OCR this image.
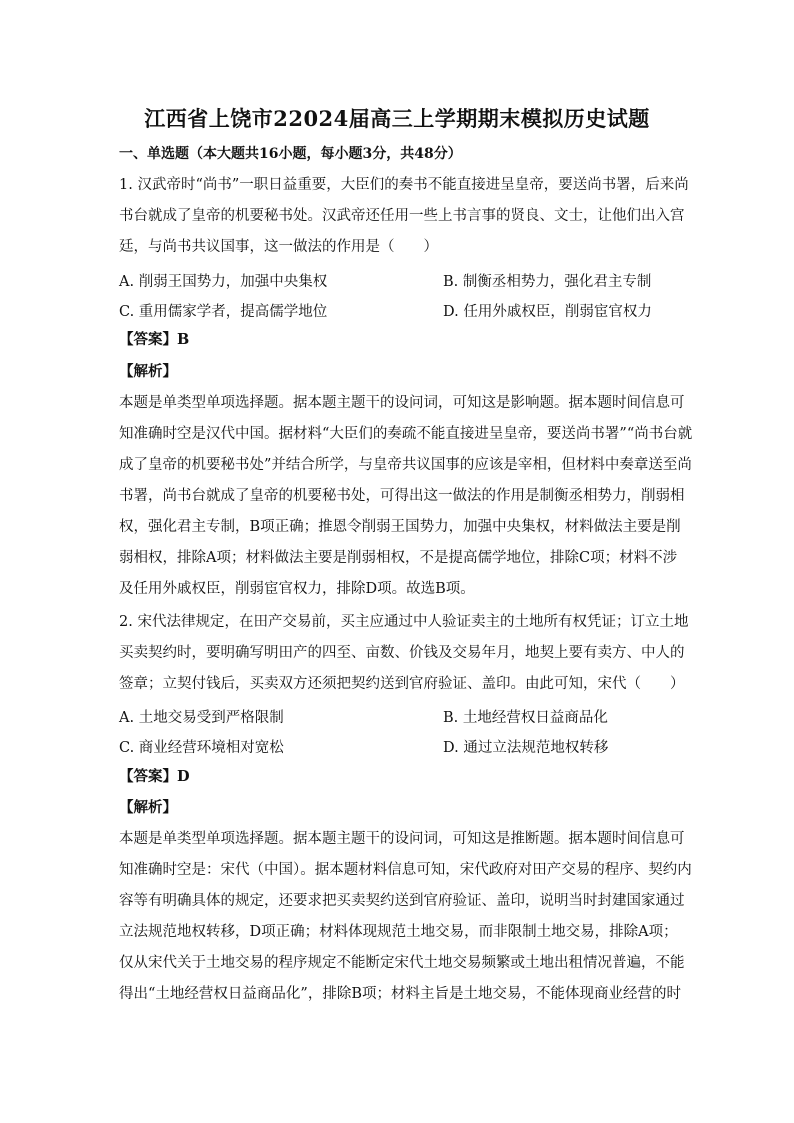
江西省上饶市22024届高三上学期期末模拟历史试题
一、单选题（本大题共16小题，每小题3分，共48分）
1. 汉武帝时“尚书”一职日益重要，大臣们的奏书不能直接进呈皇帝，要送尚书署，后来尚
书台就成了皇帝的机要秘书处。汉武帝还任用一些上书言事的贤良、文士，让他们出入宫
廷，与尚书共议国事，这一做法的作用是（　　）
A. 削弱王国势力，加强中央集权	B. 制衡丞相势力，强化君主专制
C. 重用儒家学者，提高儒学地位	D. 任用外戚权臣，削弱宦官权力
【答案】B
【解析】
本题是单类型单项选择题。据本题主题干的设问词，可知这是影响题。据本题时间信息可
知准确时空是汉代中国。据材料“大臣们的奏疏不能直接进呈皇帝，要送尚书署”“尚书台就
成了皇帝的机要秘书处”并结合所学，与皇帝共议国事的应该是宰相，但材料中奏章送至尚
书署，尚书台就成了皇帝的机要秘书处，可得出这一做法的作用是制衡丞相势力，削弱相
权，强化君主专制，B项正确；推恩令削弱王国势力，加强中央集权，材料做法主要是削
弱相权，排除A项；材料做法主要是削弱相权，不是提高儒学地位，排除C项；材料不涉
及任用外戚权臣，削弱宦官权力，排除D项。故选B项。
2. 宋代法律规定，在田产交易前，买主应通过中人验证卖主的土地所有权凭证；订立土地
买卖契约时，要明确写明田产的四至、亩数、价钱及交易年月，地契上要有卖方、中人的
签章；立契付钱后，买卖双方还须把契约送到官府验证、盖印。由此可知，宋代（　　）
A. 土地交易受到严格限制	B. 土地经营权日益商品化
C. 商业经营环境相对宽松	D. 通过立法规范地权转移
【答案】D
【解析】
本题是单类型单项选择题。据本题主题干的设问词，可知这是推断题。据本题时间信息可
知准确时空是：宋代（中国）。据本题材料信息可知，宋代政府对田产交易的程序、契约内
容等有明确具体的规定，还要求把买卖契约送到官府验证、盖印，说明当时封建国家通过
立法规范地权转移，D项正确；材料体现规范土地交易，而非限制土地交易，排除A项；
仅从宋代关于土地交易的程序规定不能断定宋代土地交易频繁或土地出租情况普遍，不能
得出“土地经营权日益商品化”，排除B项；材料主旨是土地交易，不能体现商业经营的时
